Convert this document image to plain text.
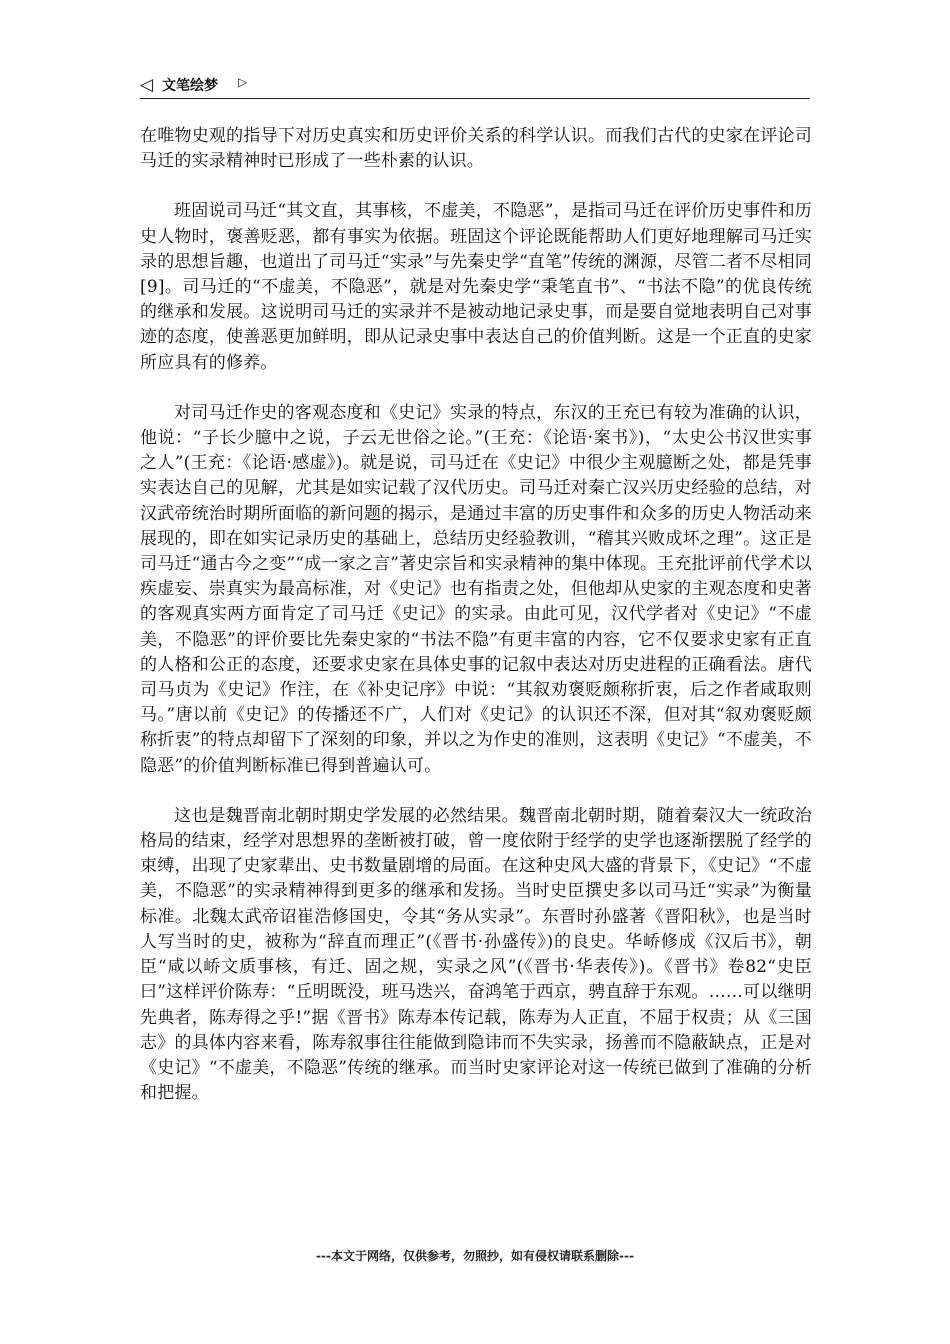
◁ 文笔绘梦 ▷

在唯物史观的指导下对历史真实和历史评价关系的科学认识。而我们古代的史家在评论司马迁的实录精神时已形成了一些朴素的认识。

班固说司马迁“其文直，其事核，不虚美，不隐恶”，是指司马迁在评价历史事件和历史人物时，褒善贬恶，都有事实为依据。班固这个评论既能帮助人们更好地理解司马迁实录的思想旨趣，也道出了司马迁“实录”与先秦史学“直笔”传统的渊源，尽管二者不尽相同[9]。司马迁的“不虚美，不隐恶”，就是对先秦史学“秉笔直书”、“书法不隐”的优良传统的继承和发展。这说明司马迁的实录并不是被动地记录史事，而是要自觉地表明自己对事迹的态度，使善恶更加鲜明，即从记录史事中表达自己的价值判断。这是一个正直的史家所应具有的修养。

对司马迁作史的客观态度和《史记》实录的特点，东汉的王充已有较为准确的认识，他说：“子长少臆中之说，子云无世俗之论。”(王充：《论语·案书》)，“太史公书汉世实事之人”(王充：《论语·感虚》)。就是说，司马迁在《史记》中很少主观臆断之处，都是凭事实表达自己的见解，尤其是如实记载了汉代历史。司马迁对秦亡汉兴历史经验的总结，对汉武帝统治时期所面临的新问题的揭示，是通过丰富的历史事件和众多的历史人物活动来展现的，即在如实记录历史的基础上，总结历史经验教训，“稽其兴败成坏之理”。这正是司马迁“通古今之变”“成一家之言”著史宗旨和实录精神的集中体现。王充批评前代学术以疾虚妄、崇真实为最高标准，对《史记》也有指责之处，但他却从史家的主观态度和史著的客观真实两方面肯定了司马迁《史记》的实录。由此可见，汉代学者对《史记》“不虚美，不隐恶”的评价要比先秦史家的“书法不隐”有更丰富的内容，它不仅要求史家有正直的人格和公正的态度，还要求史家在具体史事的记叙中表达对历史进程的正确看法。唐代司马贞为《史记》作注，在《补史记序》中说：“其叙劝褒贬颇称折衷，后之作者咸取则马。”唐以前《史记》的传播还不广，人们对《史记》的认识还不深，但对其“叙劝褒贬颇称折衷”的特点却留下了深刻的印象，并以之为作史的准则，这表明《史记》“不虚美，不隐恶”的价值判断标准已得到普遍认可。

这也是魏晋南北朝时期史学发展的必然结果。魏晋南北朝时期，随着秦汉大一统政治格局的结束，经学对思想界的垄断被打破，曾一度依附于经学的史学也逐渐摆脱了经学的束缚，出现了史家辈出、史书数量剧增的局面。在这种史风大盛的背景下，《史记》“不虚美，不隐恶”的实录精神得到更多的继承和发扬。当时史臣撰史多以司马迁“实录”为衡量标准。北魏太武帝诏崔浩修国史，令其“务从实录”。东晋时孙盛著《晋阳秋》，也是当时人写当时的史，被称为“辞直而理正”(《晋书·孙盛传》)的良史。华峤修成《汉后书》，朝臣“咸以峤文质事核，有迁、固之规，实录之风”(《晋书·华表传》)。《晋书》卷82“史臣曰”这样评价陈寿：“丘明既没，班马迭兴，奋鸿笔于西京，骋直辞于东观。……可以继明先典者，陈寿得之乎!”据《晋书》陈寿本传记载，陈寿为人正直，不屈于权贵；从《三国志》的具体内容来看，陈寿叙事往往能做到隐讳而不失实录，扬善而不隐蔽缺点，正是对《史记》“不虚美，不隐恶”传统的继承。而当时史家评论对这一传统已做到了准确的分析和把握。

---本文于网络，仅供参考，勿照抄，如有侵权请联系删除---
